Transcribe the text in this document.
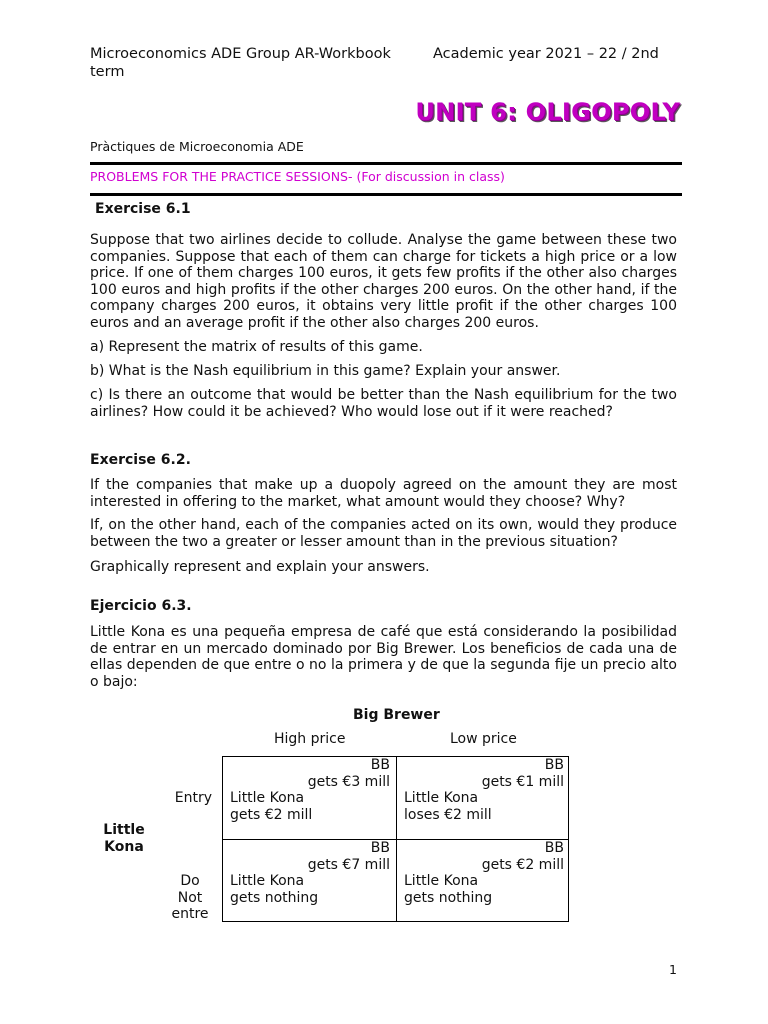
Microeconomics ADE Group AR-Workbook
term
Academic year 2021 – 22 / 2nd
UNIT 6: OLIGOPOLY
Pràctiques de Microeconomia ADE
PROBLEMS FOR THE PRACTICE SESSIONS- (For discussion in class)
Exercise 6.1
Suppose that two airlines decide to collude. Analyse the game between these two companies. Suppose that each of them can charge for tickets a high price or a low price. If one of them charges 100 euros, it gets few profits if the other also charges 100 euros and high profits if the other charges 200 euros. On the other hand, if the company charges 200 euros, it obtains very little profit if the other charges 100 euros and an average profit if the other also charges 200 euros.
a) Represent the matrix of results of this game.
b) What is the Nash equilibrium in this game? Explain your answer.
c) Is there an outcome that would be better than the Nash equilibrium for the two airlines? How could it be achieved? Who would lose out if it were reached?
Exercise 6.2.
If the companies that make up a duopoly agreed on the amount they are most interested in offering to the market, what amount would they choose? Why?
If, on the other hand, each of the companies acted on its own, would they produce between the two a greater or lesser amount than in the previous situation?
Graphically represent and explain your answers.
Ejercicio 6.3.
Little Kona es una pequeña empresa de café que está considerando la posibilidad de entrar en un mercado dominado por Big Brewer. Los beneficios de cada una de ellas dependen de que entre o no la primera y de que la segunda fije un precio alto o bajo:
Big Brewer
High price	Low price
Little
Kona
Entry
Do
Not
entre
BB
gets €3 mill
Little Kona
gets €2 mill
BB
gets €1 mill
Little Kona
loses €2 mill
BB
gets €7 mill
Little Kona
gets nothing
BB
gets €2 mill
Little Kona
gets nothing
1
